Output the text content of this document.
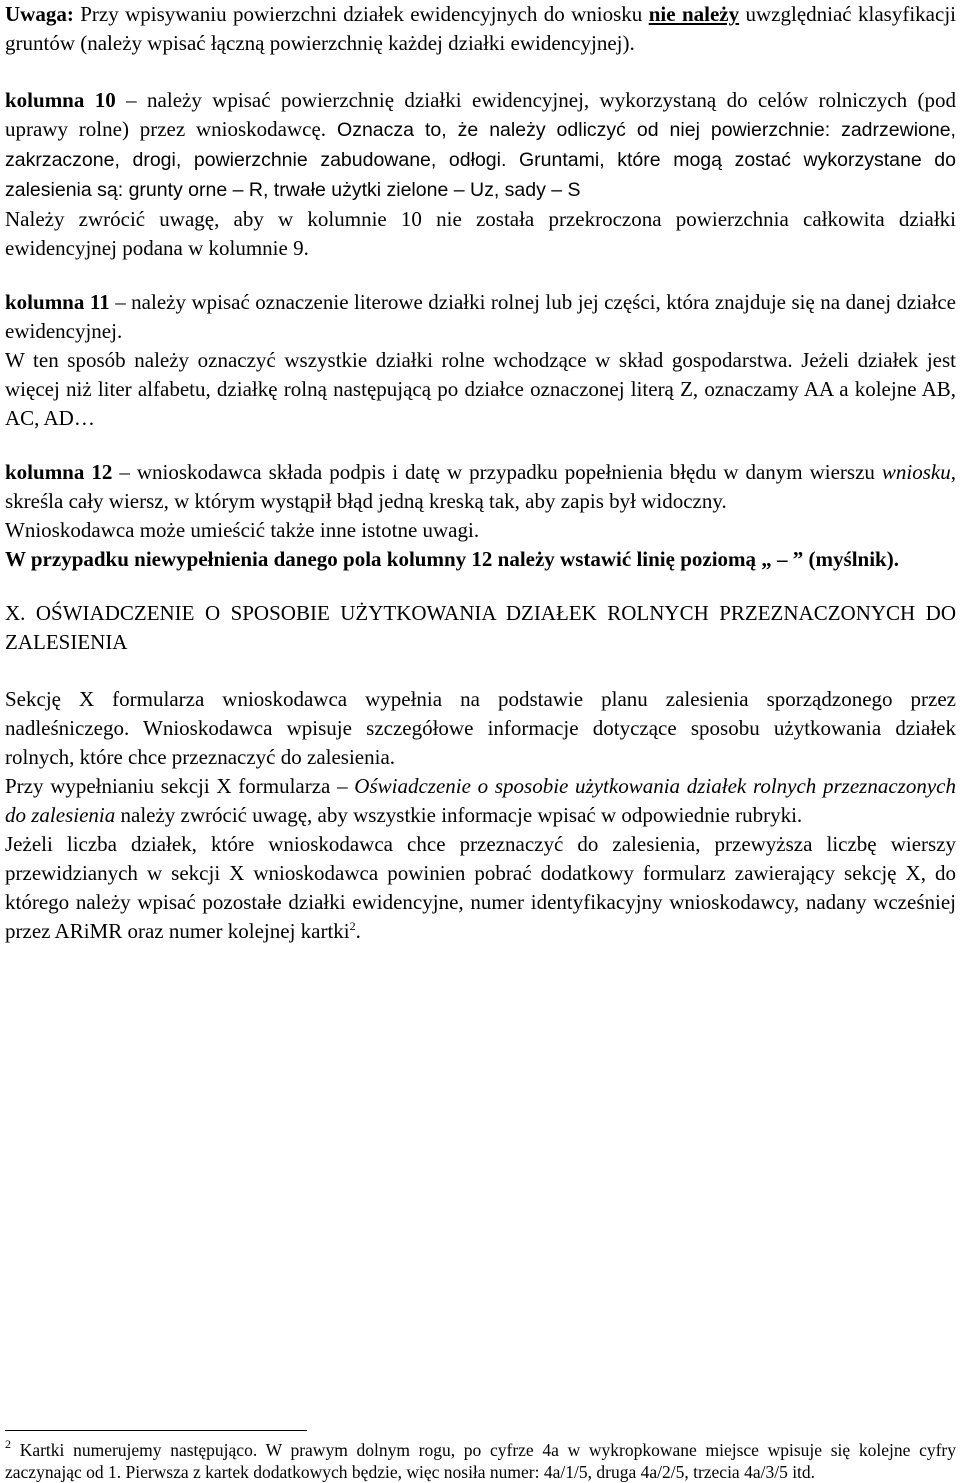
Uwaga: Przy wpisywaniu powierzchni działek ewidencyjnych do wniosku nie należy uwzględniać klasyfikacji gruntów (należy wpisać łączną powierzchnię każdej działki ewidencyjnej).

kolumna 10 – należy wpisać powierzchnię działki ewidencyjnej, wykorzystaną do celów rolniczych (pod uprawy rolne) przez wnioskodawcę. Oznacza to, że należy odliczyć od niej powierzchnie: zadrzewione, zakrzaczone, drogi, powierzchnie zabudowane, odłogi. Gruntami, które mogą zostać wykorzystane do zalesienia są: grunty orne – R, trwałe użytki zielone – Uz, sady – S

Należy zwrócić uwagę, aby w kolumnie 10 nie została przekroczona powierzchnia całkowita działki ewidencyjnej podana w kolumnie 9.

kolumna 11 – należy wpisać oznaczenie literowe działki rolnej lub jej części, która znajduje się na danej działce ewidencyjnej.

W ten sposób należy oznaczyć wszystkie działki rolne wchodzące w skład gospodarstwa. Jeżeli działek jest więcej niż liter alfabetu, działkę rolną następującą po działce oznaczonej literą Z, oznaczamy AA a kolejne AB, AC, AD…

kolumna 12 – wnioskodawca składa podpis i datę w przypadku popełnienia błędu w danym wierszu wniosku, skreśla cały wiersz, w którym wystąpił błąd jedną kreską tak, aby zapis był widoczny.

Wnioskodawca może umieścić także inne istotne uwagi.

W przypadku niewypełnienia danego pola kolumny 12 należy wstawić linię poziomą „ – ” (myślnik).

X. OŚWIADCZENIE O SPOSOBIE UŻYTKOWANIA DZIAŁEK ROLNYCH PRZEZNACZONYCH DO ZALESIENIA

Sekcję X formularza wnioskodawca wypełnia na podstawie planu zalesienia sporządzonego przez nadleśniczego. Wnioskodawca wpisuje szczegółowe informacje dotyczące sposobu użytkowania działek rolnych, które chce przeznaczyć do zalesienia.

Przy wypełnianiu sekcji X formularza – Oświadczenie o sposobie użytkowania działek rolnych przeznaczonych do zalesienia należy zwrócić uwagę, aby wszystkie informacje wpisać w odpowiednie rubryki.

Jeżeli liczba działek, które wnioskodawca chce przeznaczyć do zalesienia, przewyższa liczbę wierszy przewidzianych w sekcji X wnioskodawca powinien pobrać dodatkowy formularz zawierający sekcję X, do którego należy wpisać pozostałe działki ewidencyjne, numer identyfikacyjny wnioskodawcy, nadany wcześniej przez ARiMR oraz numer kolejnej kartki$^2$.

$^2$ Kartki numerujemy następująco. W prawym dolnym rogu, po cyfrze 4a w wykropkowane miejsce wpisuje się kolejne cyfry zaczynając od 1. Pierwsza z kartek dodatkowych będzie, więc nosiła numer: 4a/1/5, druga 4a/2/5, trzecia 4a/3/5 itd.
